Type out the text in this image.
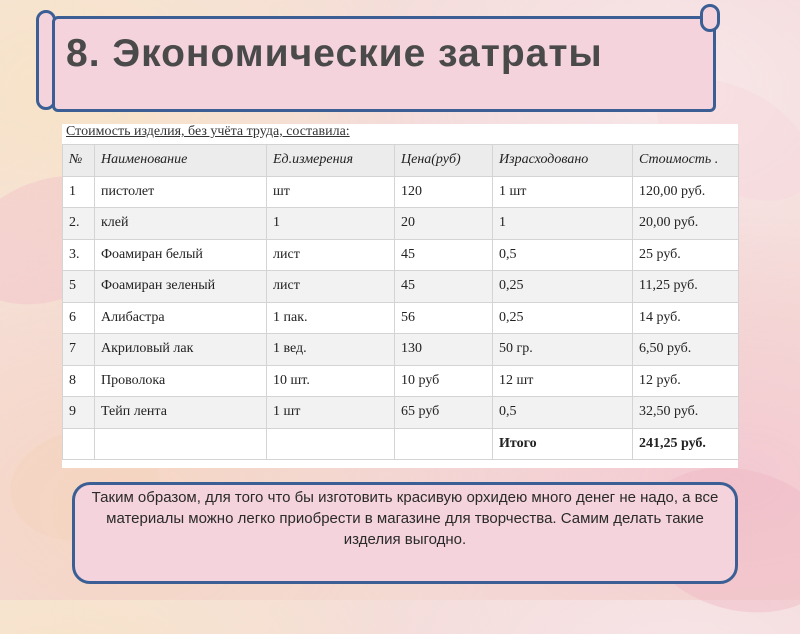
8. Экономические затраты

Стоимость изделия, без учёта труда, составила:

№	Наименование	Ед.измерения	Цена(руб)	Израсходовано	Стоимость .
1	пистолет	шт	120	1 шт	120,00 руб.
2.	клей	1	20	1	20,00 руб.
3.	Фоамиран белый	лист	45	0,5	25 руб.
5	Фоамиран зеленый	лист	45	0,25	11,25 руб.
6	Алибастра	1 пак.	56	0,25	14 руб.
7	Акриловый лак	1 вед.	130	50 гр.	6,50 руб.
8	Проволока	10 шт.	10 руб	12 шт	12 руб.
9	Тейп лента	1 шт	65 руб	0,5	32,50 руб.
				Итого	241,25 руб.
Таким образом, для того что бы изготовить красивую орхидею много денег не надо, а все материалы можно легко приобрести в магазине для творчества. Самим делать такие изделия выгодно.
